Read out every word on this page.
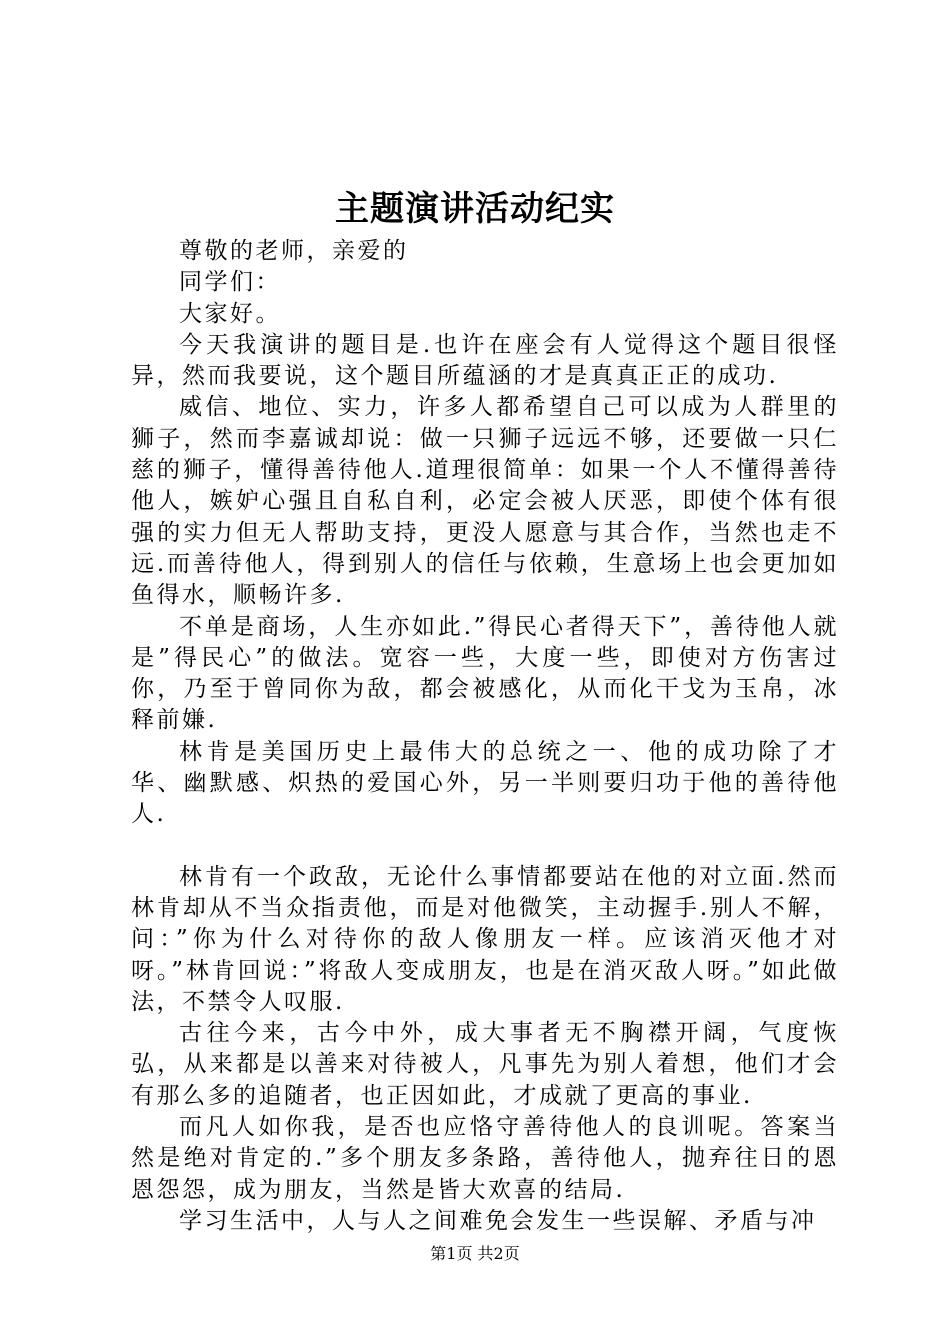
主题演讲活动纪实

尊敬的老师，亲爱的

同学们：

大家好。

今天我演讲的题目是.也许在座会有人觉得这个题目很怪异，然而我要说，这个题目所蕴涵的才是真真正正的成功.

威信、地位、实力，许多人都希望自己可以成为人群里的狮子，然而李嘉诚却说：做一只狮子远远不够，还要做一只仁慈的狮子，懂得善待他人.道理很简单：如果一个人不懂得善待他人，嫉妒心强且自私自利，必定会被人厌恶，即使个体有很强的实力但无人帮助支持，更没人愿意与其合作，当然也走不远.而善待他人，得到别人的信任与依赖，生意场上也会更加如鱼得水，顺畅许多.

不单是商场，人生亦如此.”得民心者得天下”，善待他人就是”得民心”的做法。宽容一些，大度一些，即使对方伤害过你，乃至于曾同你为敌，都会被感化，从而化干戈为玉帛，冰释前嫌.

林肯是美国历史上最伟大的总统之一、他的成功除了才华、幽默感、炽热的爱国心外，另一半则要归功于他的善待他人.

林肯有一个政敌，无论什么事情都要站在他的对立面.然而林肯却从不当众指责他，而是对他微笑，主动握手.别人不解，问：”你为什么对待你的敌人像朋友一样。应该消灭他才对呀。”林肯回说：”将敌人变成朋友，也是在消灭敌人呀。”如此做法，不禁令人叹服.

古往今来，古今中外，成大事者无不胸襟开阔，气度恢弘，从来都是以善来对待被人，凡事先为别人着想，他们才会有那么多的追随者，也正因如此，才成就了更高的事业.

而凡人如你我，是否也应恪守善待他人的良训呢。答案当然是绝对肯定的.”多个朋友多条路，善待他人，抛弃往日的恩恩怨怨，成为朋友，当然是皆大欢喜的结局.

学习生活中，人与人之间难免会发生一些误解、矛盾与冲

第1页 共2页
